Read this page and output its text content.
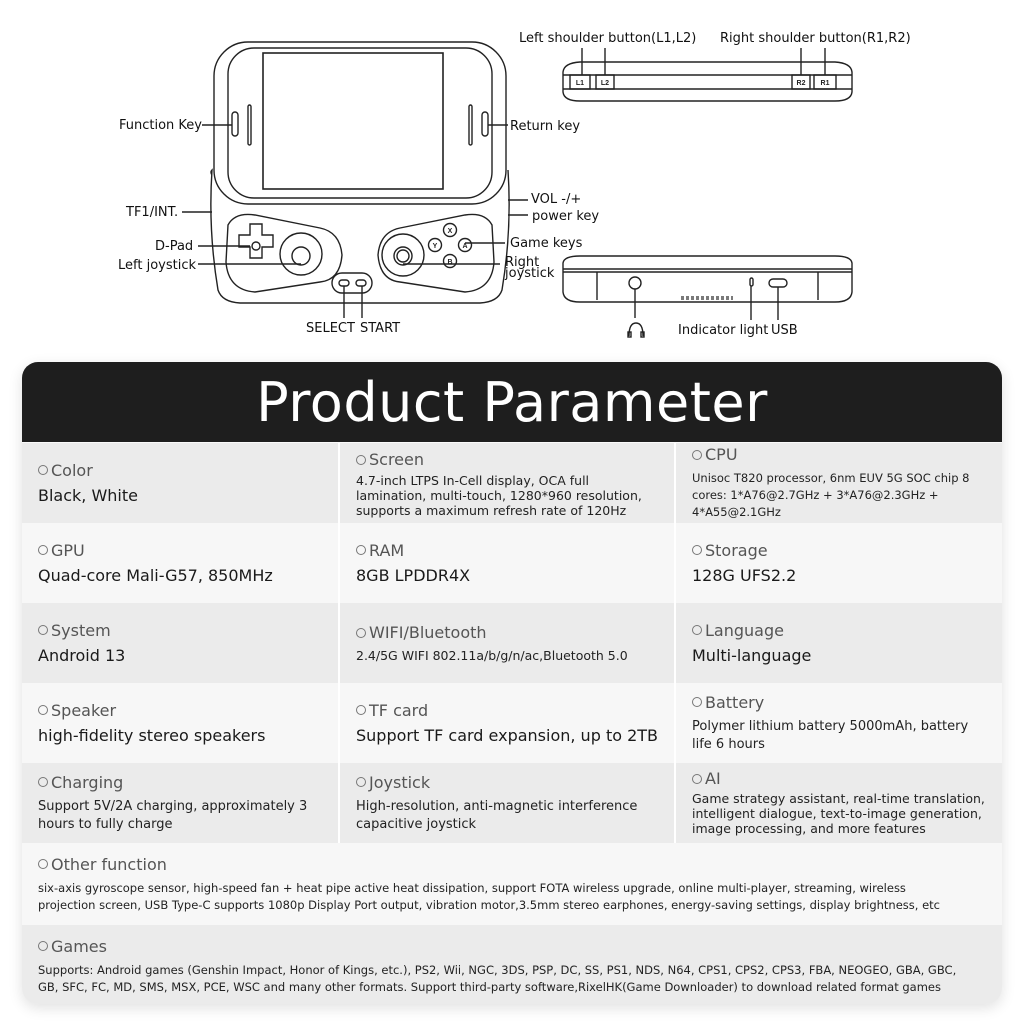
X
Y	A
B
L1 L2	R2 R1
Function Key	Return key
TF1/INT.
VOL -/+
power key
D-Pad
Left joystick
Game keys
Right
joystick
SELECT START
Left shoulder button(L1,L2) Right shoulder button(R1,R2)
Indicator light USB
Product Parameter
Color
Black, White
Screen
4.7-inch LTPS In-Cell display, OCA full lamination, multi-touch, 1280*960 resolution, supports a maximum refresh rate of 120Hz
CPU
Unisoc T820 processor, 6nm EUV 5G SOC chip 8 cores: 1*A76@2.7GHz + 3*A76@2.3GHz + 4*A55@2.1GHz
GPU
Quad-core Mali-G57, 850MHz
RAM
8GB LPDDR4X
Storage
128G UFS2.2
System
Android 13
WIFI/Bluetooth
2.4/5G WIFI 802.11a/b/g/n/ac,Bluetooth 5.0
Language
Multi-language
Speaker
high-fidelity stereo speakers
TF card
Support TF card expansion, up to 2TB
Battery
Polymer lithium battery 5000mAh, battery life 6 hours
Charging
Support 5V/2A charging, approximately 3 hours to fully charge
Joystick
High-resolution, anti-magnetic interference capacitive joystick
AI
Game strategy assistant, real-time translation, intelligent dialogue, text-to-image generation, image processing, and more features
Other function
six-axis gyroscope sensor, high-speed fan + heat pipe active heat dissipation, support FOTA wireless upgrade, online multi-player, streaming, wireless projection screen, USB Type-C supports 1080p Display Port output, vibration motor,3.5mm stereo earphones, energy-saving settings, display brightness, etc
Games
Supports: Android games (Genshin Impact, Honor of Kings, etc.), PS2, Wii, NGC, 3DS, PSP, DC, SS, PS1, NDS, N64, CPS1, CPS2, CPS3, FBA, NEOGEO, GBA, GBC, GB, SFC, FC, MD, SMS, MSX, PCE, WSC and many other formats. Support third-party software,RixelHK(Game Downloader) to download related format games
